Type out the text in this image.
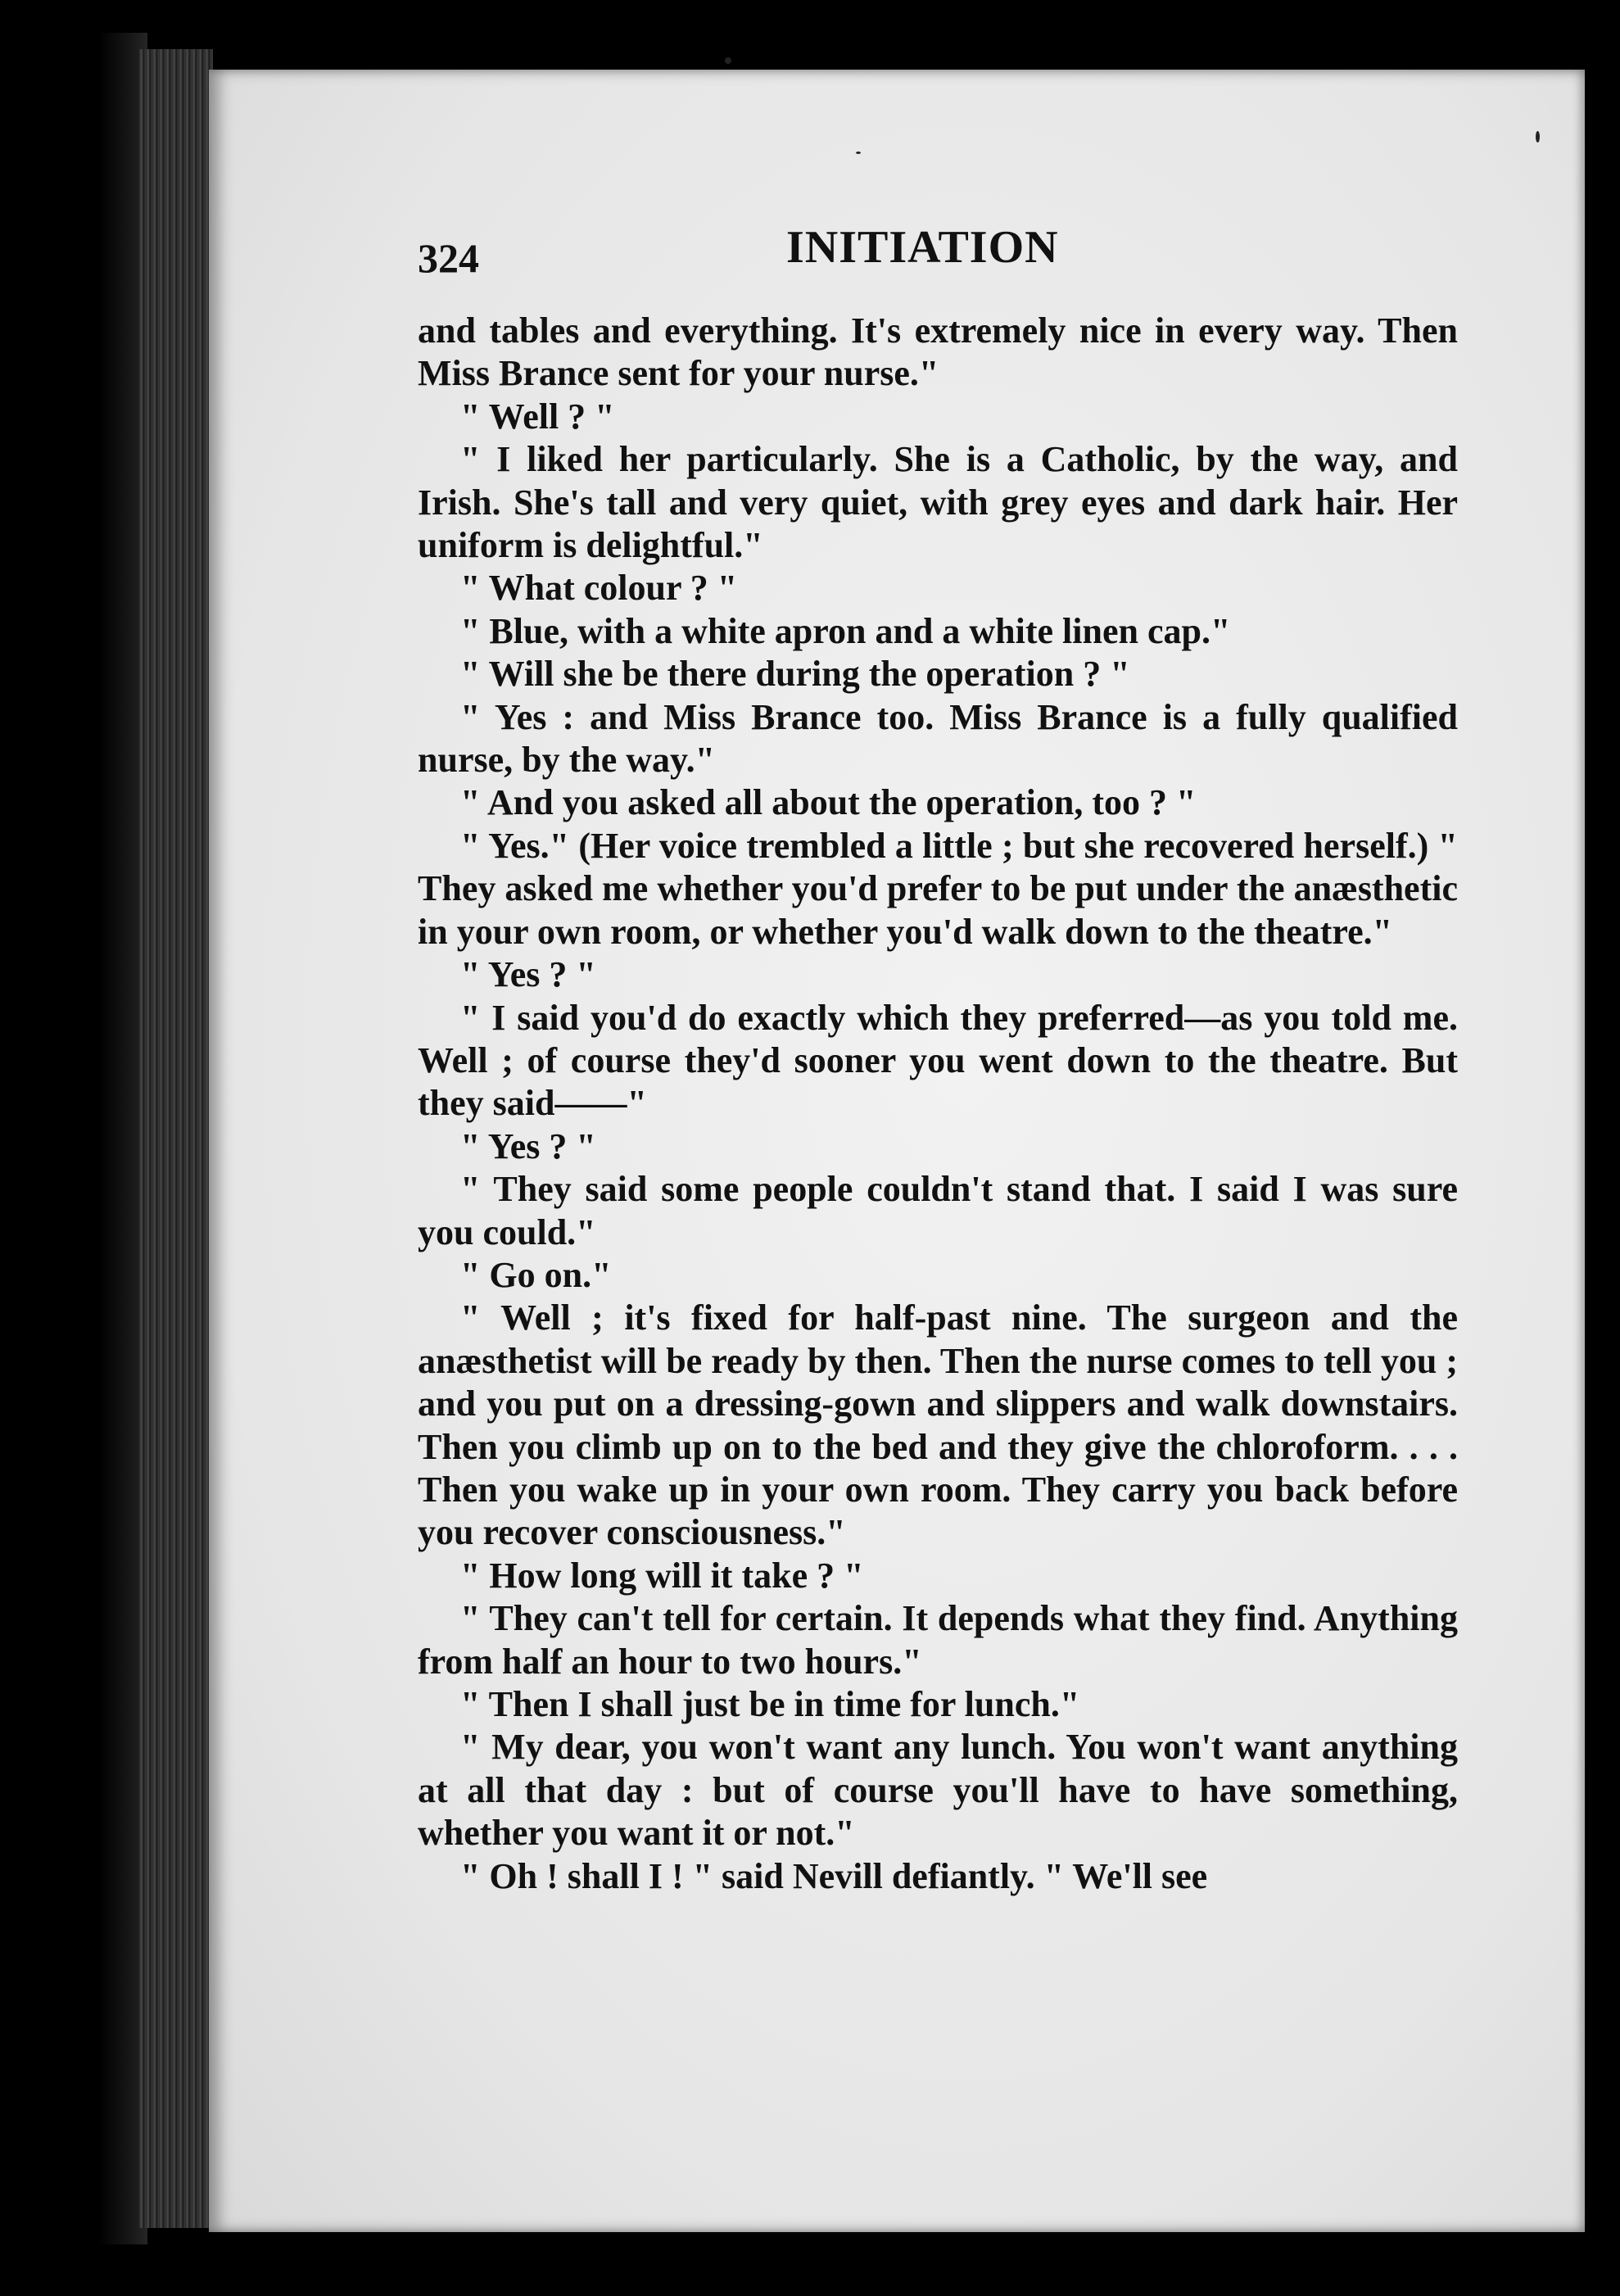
324	INITIATION

and tables and everything. It's extremely nice in every way. Then Miss Brance sent for your nurse."

" Well ? "

" I liked her particularly. She is a Catholic, by the way, and Irish. She's tall and very quiet, with grey eyes and dark hair. Her uniform is delightful."

" What colour ? "

" Blue, with a white apron and a white linen cap."

" Will she be there during the operation ? "

" Yes : and Miss Brance too. Miss Brance is a fully qualified nurse, by the way."

" And you asked all about the operation, too ? "

" Yes." (Her voice trembled a little ; but she recovered herself.) " They asked me whether you'd prefer to be put under the anæsthetic in your own room, or whether you'd walk down to the theatre."

" Yes ? "

" I said you'd do exactly which they preferred—as you told me. Well ; of course they'd sooner you went down to the theatre. But they said——"

" Yes ? "

" They said some people couldn't stand that. I said I was sure you could."

" Go on."

" Well ; it's fixed for half-past nine. The surgeon and the anæsthetist will be ready by then. Then the nurse comes to tell you ; and you put on a dressing-gown and slippers and walk downstairs. Then you climb up on to the bed and they give the chloroform. . . . Then you wake up in your own room. They carry you back before you recover consciousness."

" How long will it take ? "

" They can't tell for certain. It depends what they find. Anything from half an hour to two hours."

" Then I shall just be in time for lunch."

" My dear, you won't want any lunch. You won't want anything at all that day : but of course you'll have to have something, whether you want it or not."

" Oh ! shall I ! " said Nevill defiantly. " We'll see
